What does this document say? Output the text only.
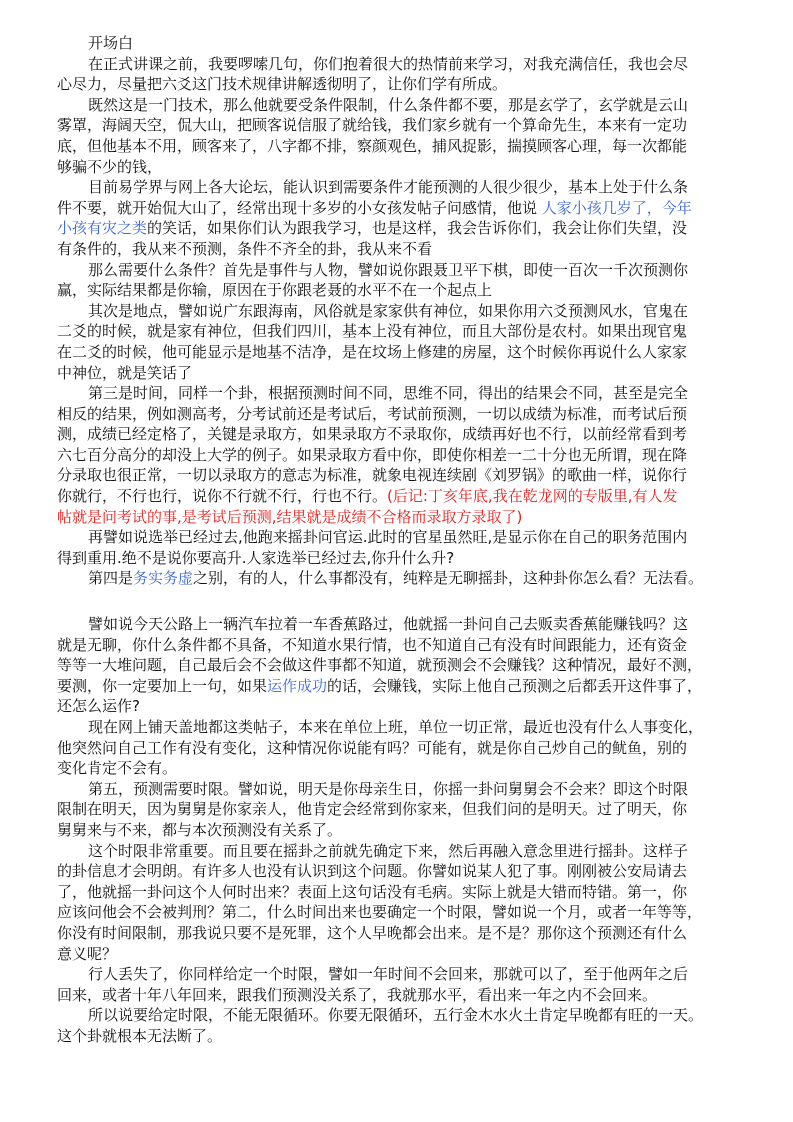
开场白
在正式讲课之前，我要啰嗦几句，你们抱着很大的热情前来学习，对我充满信任，我也会尽
心尽力，尽量把六爻这门技术规律讲解透彻明了，让你们学有所成。
既然这是一门技术，那么他就要受条件限制，什么条件都不要，那是玄学了，玄学就是云山
雾罩，海阔天空，侃大山，把顾客说信服了就给钱，我们家乡就有一个算命先生，本来有一定功
底，但他基本不用，顾客来了，八字都不排，察颜观色，捕风捉影，揣摸顾客心理，每一次都能
够骗不少的钱，
目前易学界与网上各大论坛，能认识到需要条件才能预测的人很少很少，基本上处于什么条
件不要，就开始侃大山了，经常出现十多岁的小女孩发帖子问感情，他说 人家小孩几岁了，今年
小孩有灾之类的笑话，如果你们认为跟我学习，也是这样，我会告诉你们，我会让你们失望，没
有条件的，我从来不预测，条件不齐全的卦，我从来不看
那么需要什么条件？首先是事件与人物，譬如说你跟聂卫平下棋，即使一百次一千次预测你
赢，实际结果都是你输，原因在于你跟老聂的水平不在一个起点上
其次是地点，譬如说广东跟海南，风俗就是家家供有神位，如果你用六爻预测风水，官鬼在
二爻的时候，就是家有神位，但我们四川，基本上没有神位，而且大部份是农村。如果出现官鬼
在二爻的时候，他可能显示是地基不洁净，是在坟场上修建的房屋，这个时候你再说什么人家家
中神位，就是笑话了
第三是时间，同样一个卦，根据预测时间不同，思维不同，得出的结果会不同，甚至是完全
相反的结果，例如测高考，分考试前还是考试后，考试前预测，一切以成绩为标准，而考试后预
测，成绩已经定格了，关键是录取方，如果录取方不录取你，成绩再好也不行，以前经常看到考
六七百分高分的却没上大学的例子。如果录取方看中你，即使你相差一二十分也无所谓，现在降
分录取也很正常，一切以录取方的意志为标准，就象电视连续剧《刘罗锅》的歌曲一样，说你行
你就行，不行也行，说你不行就不行，行也不行。(后记:丁亥年底,我在乾龙网的专版里,有人发
帖就是问考试的事,是考试后预测,结果就是成绩不合格而录取方录取了)
再譬如说选举已经过去,他跑来摇卦问官运.此时的官星虽然旺,是显示你在自己的职务范围内
得到重用.绝不是说你要高升.人家选举已经过去,你升什么升?
第四是务实务虚之别，有的人，什么事都没有，纯粹是无聊摇卦，这种卦你怎么看？无法看。
譬如说今天公路上一辆汽车拉着一车香蕉路过，他就摇一卦问自己去贩卖香蕉能赚钱吗？这
就是无聊，你什么条件都不具备，不知道水果行情，也不知道自己有没有时间跟能力，还有资金
等等一大堆问题，自己最后会不会做这件事都不知道，就预测会不会赚钱？这种情况，最好不测，
要测，你一定要加上一句，如果运作成功的话，会赚钱，实际上他自己预测之后都丢开这件事了，
还怎么运作?
现在网上铺天盖地都这类帖子，本来在单位上班，单位一切正常，最近也没有什么人事变化，
他突然问自己工作有没有变化，这种情况你说能有吗？可能有，就是你自己炒自己的鱿鱼，别的
变化肯定不会有。
第五，预测需要时限。譬如说，明天是你母亲生日，你摇一卦问舅舅会不会来？即这个时限
限制在明天，因为舅舅是你家亲人，他肯定会经常到你家来，但我们问的是明天。过了明天，你
舅舅来与不来，都与本次预测没有关系了。
这个时限非常重要。而且要在摇卦之前就先确定下来，然后再融入意念里进行摇卦。这样子
的卦信息才会明朗。有许多人也没有认识到这个问题。你譬如说某人犯了事。刚刚被公安局请去
了，他就摇一卦问这个人何时出来？表面上这句话没有毛病。实际上就是大错而特错。第一，你
应该问他会不会被判刑？第二，什么时间出来也要确定一个时限，譬如说一个月，或者一年等等，
你没有时间限制，那我说只要不是死罪，这个人早晚都会出来。是不是？那你这个预测还有什么
意义呢？
行人丢失了，你同样给定一个时限，譬如一年时间不会回来，那就可以了，至于他两年之后
回来，或者十年八年回来，跟我们预测没关系了，我就那水平，看出来一年之内不会回来。
所以说要给定时限，不能无限循环。你要无限循环，五行金木水火土肯定早晚都有旺的一天。
这个卦就根本无法断了。
